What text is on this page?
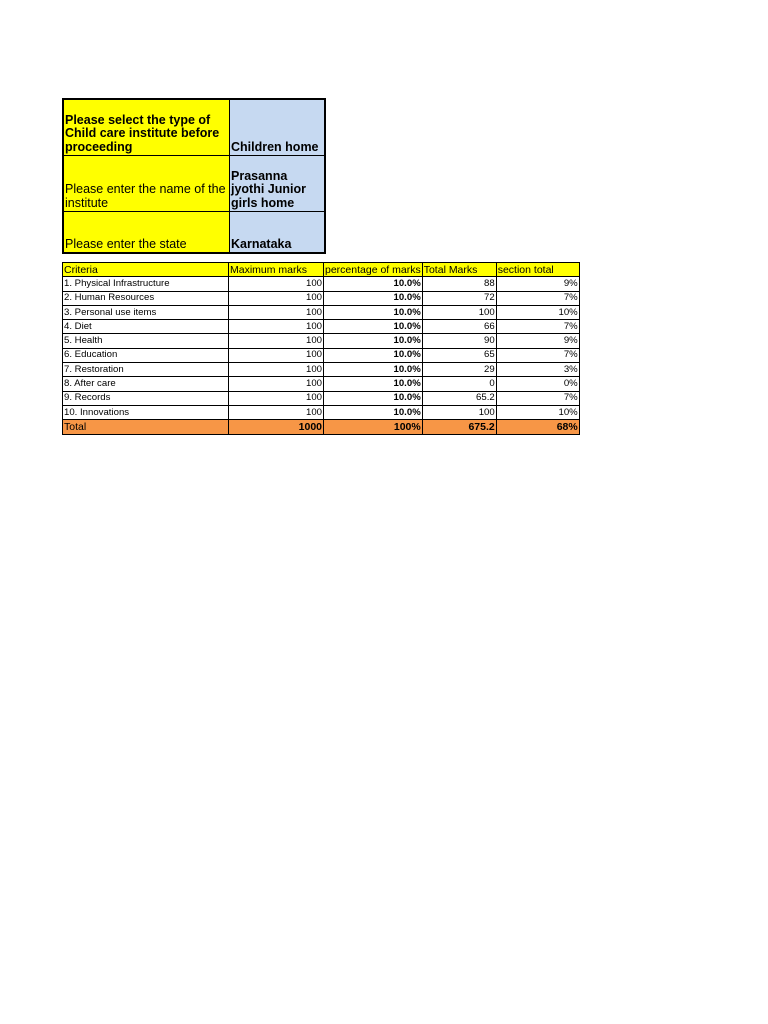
Please select the type of Child care institute before proceeding	Children home
Please enter the name of the institute	Prasanna jyothi Junior girls home
Please enter the state	Karnataka
Criteria	Maximum marks	percentage of marks	Total Marks	section total
1. Physical Infrastructure	100	10.0%	88	9%
2. Human Resources	100	10.0%	72	7%
3. Personal use items	100	10.0%	100	10%
4. Diet	100	10.0%	66	7%
5. Health	100	10.0%	90	9%
6. Education	100	10.0%	65	7%
7. Restoration	100	10.0%	29	3%
8. After care	100	10.0%	0	0%
9. Records	100	10.0%	65.2	7%
10. Innovations	100	10.0%	100	10%
Total	1000	100%	675.2	68%
